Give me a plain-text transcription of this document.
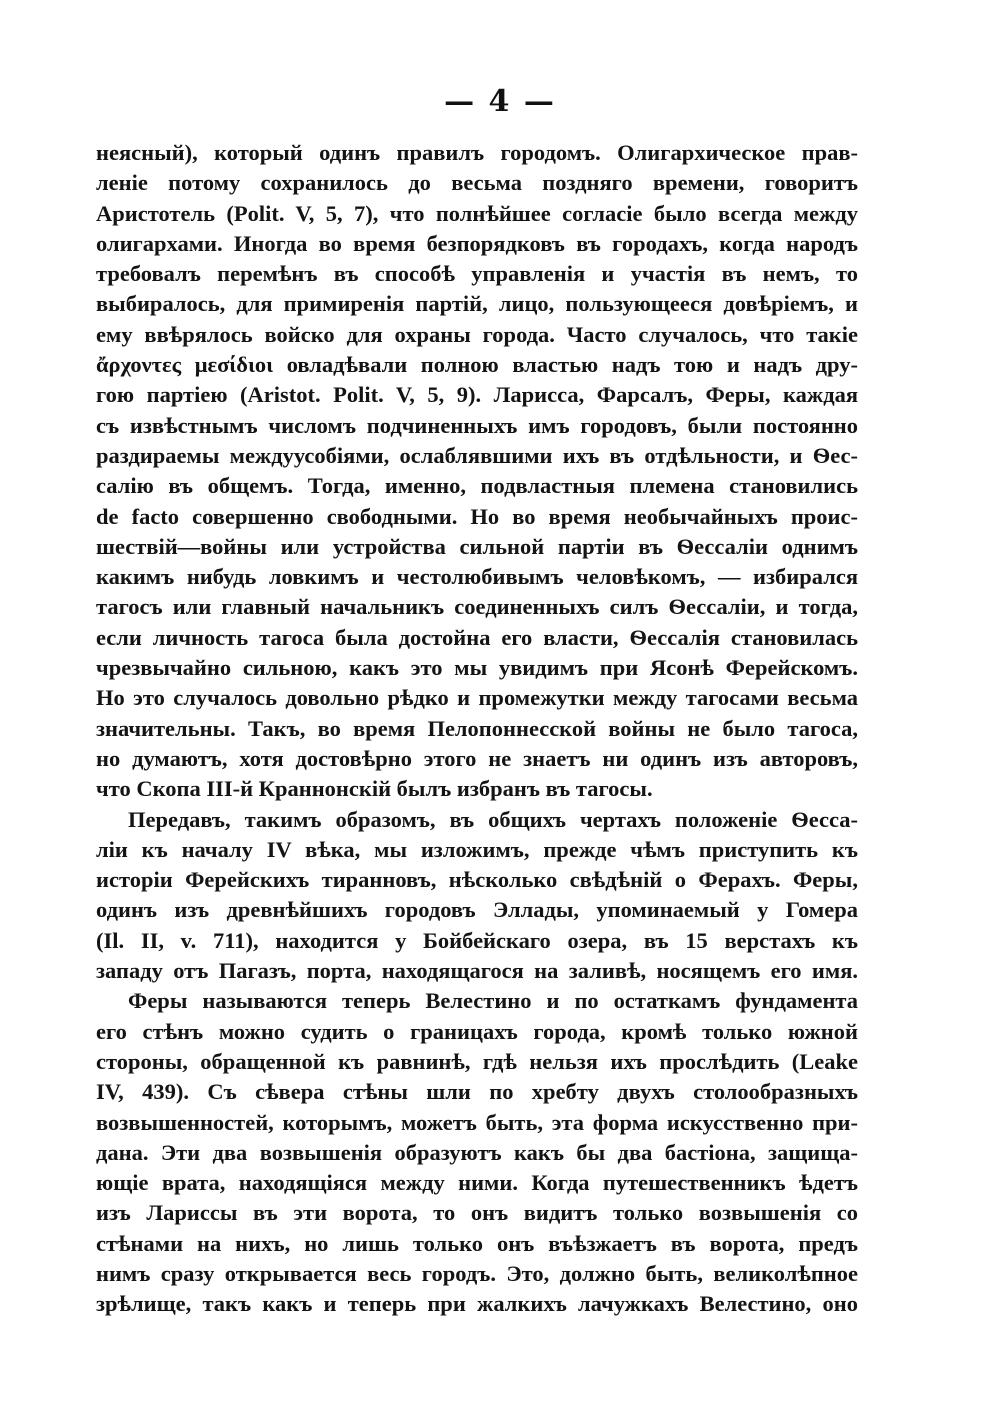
— 4 —
неясный), который одинъ правилъ городомъ. Олигархическое прав-
леніе потому сохранилось до весьма поздняго времени, говоритъ
Аристотель (Polit. V, 5, 7), что полнѣйшее согласіе было всегда между
олигархами. Иногда во время безпорядковъ въ городахъ, когда народъ
требовалъ перемѣнъ въ способѣ управленія и участія въ немъ, то
выбиралось, для примиренія партій, лицо, пользующееся довѣріемъ, и
ему ввѣрялось войско для охраны города. Часто случалось, что такіе
ἄρχοντες μεσίδιοι овладѣвали полною властью надъ тою и надъ дру-
гою партіею (Aristot. Polit. V, 5, 9). Ларисса, Фарсалъ, Феры, каждая
съ извѣстнымъ числомъ подчиненныхъ имъ городовъ, были постоянно
раздираемы междуусобіями, ослаблявшими ихъ въ отдѣльности, и Ѳес-
салію въ общемъ. Тогда, именно, подвластныя племена становились
de facto совершенно свободными. Но во время необычайныхъ проис-
шествій—войны или устройства сильной партіи въ Ѳессаліи однимъ
какимъ нибудь ловкимъ и честолюбивымъ человѣкомъ, — избирался
тагосъ или главный начальникъ соединенныхъ силъ Ѳессаліи, и тогда,
если личность тагоса была достойна его власти, Ѳессалія становилась
чрезвычайно сильною, какъ это мы увидимъ при Ясонѣ Ферейскомъ.
Но это случалось довольно рѣдко и промежутки между тагосами весьма
значительны. Такъ, во время Пелопоннесской войны не было тагоса,
но думаютъ, хотя достовѣрно этого не знаетъ ни одинъ изъ авторовъ,
что Скопа III-й Краннонскій былъ избранъ въ тагосы.
Передавъ, такимъ образомъ, въ общихъ чертахъ положеніе Ѳесса-
ліи къ началу IV вѣка, мы изложимъ, прежде чѣмъ приступить къ
исторіи Ферейскихъ тиранновъ, нѣсколько свѣдѣній о Ферахъ. Феры,
одинъ изъ древнѣйшихъ городовъ Эллады, упоминаемый у Гомера
(Il. II, v. 711), находится у Бойбейскаго озера, въ 15 верстахъ къ
западу отъ Пагазъ, порта, находящагося на заливѣ, носящемъ его имя.
Феры называются теперь Велестино и по остаткамъ фундамента
его стѣнъ можно судить о границахъ города, кромѣ только южной
стороны, обращенной къ равнинѣ, гдѣ нельзя ихъ прослѣдить (Leake
IV, 439). Съ сѣвера стѣны шли по хребту двухъ столообразныхъ
возвышенностей, которымъ, можетъ быть, эта форма искусственно при-
дана. Эти два возвышенія образуютъ какъ бы два бастіона, защища-
ющіе врата, находящіяся между ними. Когда путешественникъ ѣдетъ
изъ Лариссы въ эти ворота, то онъ видитъ только возвышенія со
стѣнами на нихъ, но лишь только онъ въѣзжаетъ въ ворота, предъ
нимъ сразу открывается весь городъ. Это, должно быть, великолѣпное
зрѣлище, такъ какъ и теперь при жалкихъ лачужкахъ Велестино, оно
